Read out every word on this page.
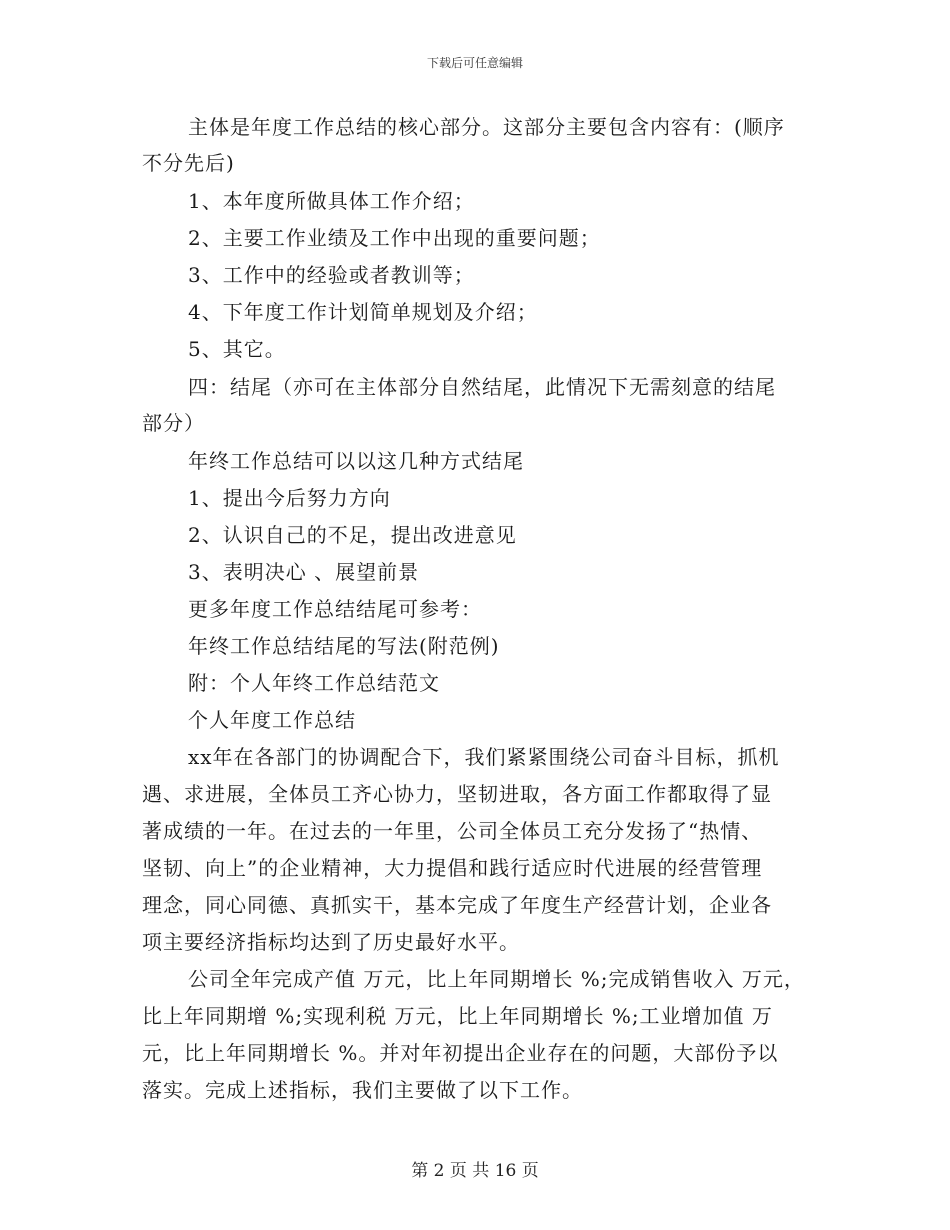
下载后可任意编辑
主体是年度工作总结的核心部分。这部分主要包含内容有：(顺序
不分先后)
1、本年度所做具体工作介绍；
2、主要工作业绩及工作中出现的重要问题；
3、工作中的经验或者教训等；
4、下年度工作计划简单规划及介绍；
5、其它。
四：结尾（亦可在主体部分自然结尾，此情况下无需刻意的结尾
部分）
年终工作总结可以以这几种方式结尾
1、提出今后努力方向
2、认识自己的不足，提出改进意见
3、表明决心 、展望前景
更多年度工作总结结尾可参考：
年终工作总结结尾的写法(附范例)
附：个人年终工作总结范文
个人年度工作总结
xx年在各部门的协调配合下，我们紧紧围绕公司奋斗目标，抓机
遇、求进展，全体员工齐心协力，坚韧进取，各方面工作都取得了显
著成绩的一年。在过去的一年里，公司全体员工充分发扬了“热情、
坚韧、向上”的企业精神，大力提倡和践行适应时代进展的经营管理
理念，同心同德、真抓实干，基本完成了年度生产经营计划，企业各
项主要经济指标均达到了历史最好水平。
公司全年完成产值 万元，比上年同期增长 %;完成销售收入 万元，
比上年同期增 %;实现利税 万元，比上年同期增长 %;工业增加值 万
元，比上年同期增长 %。并对年初提出企业存在的问题，大部份予以
落实。完成上述指标，我们主要做了以下工作。
第 2 页 共 16 页
